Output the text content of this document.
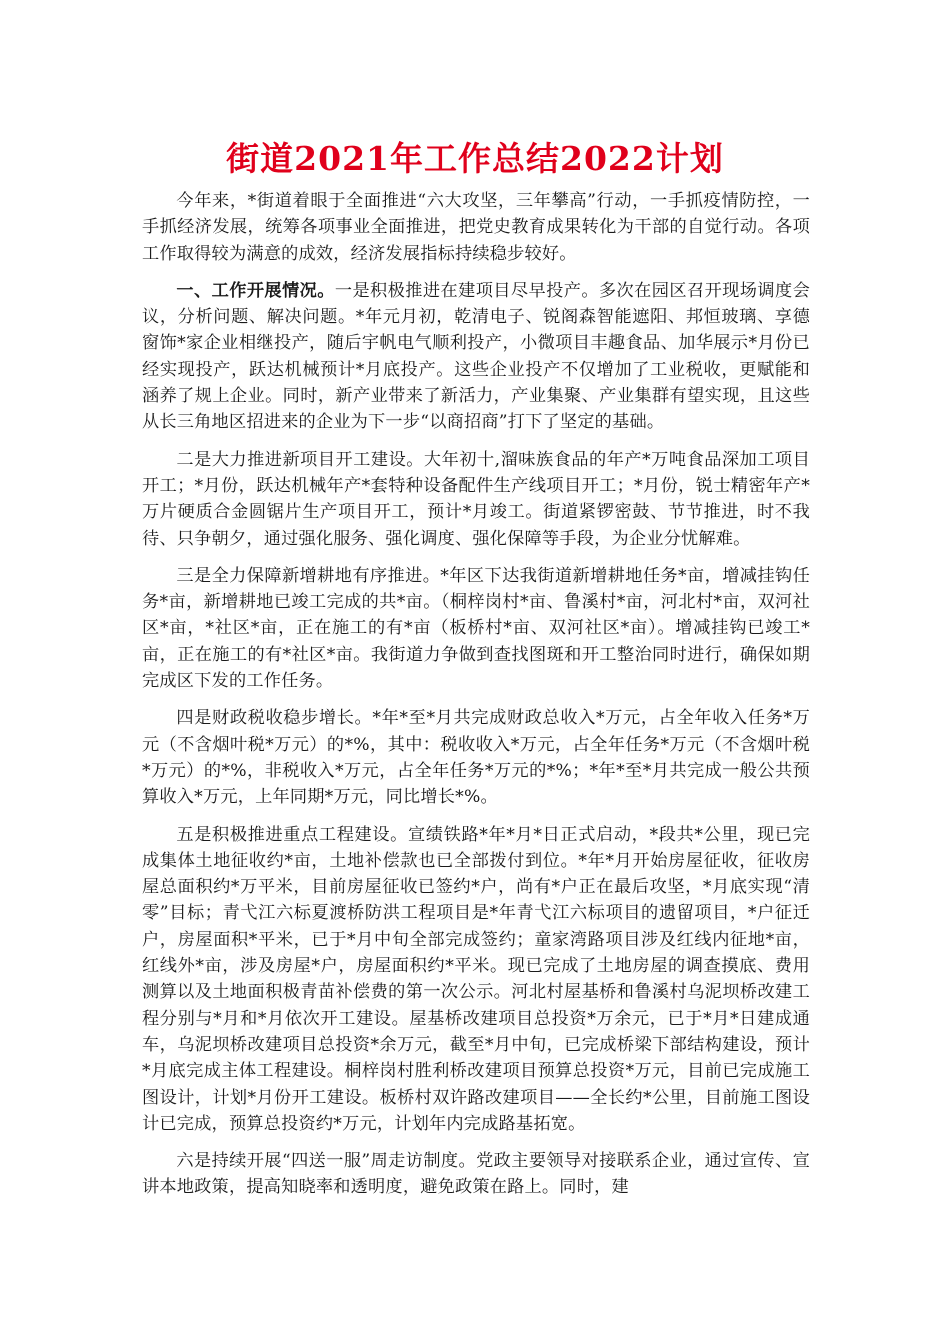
街道2021年工作总结2022计划

今年来，*街道着眼于全面推进“六大攻坚，三年攀高”行动，一手抓疫情防控，一手抓经济发展，统筹各项事业全面推进，把党史教育成果转化为干部的自觉行动。各项工作取得较为满意的成效，经济发展指标持续稳步较好。

一、工作开展情况。一是积极推进在建项目尽早投产。多次在园区召开现场调度会议，分析问题、解决问题。*年元月初，乾清电子、锐阁森智能遮阳、邦恒玻璃、享德窗饰*家企业相继投产，随后宇帆电气顺利投产，小微项目丰趣食品、加华展示*月份已经实现投产，跃达机械预计*月底投产。这些企业投产不仅增加了工业税收，更赋能和涵养了规上企业。同时，新产业带来了新活力，产业集聚、产业集群有望实现，且这些从长三角地区招进来的企业为下一步“以商招商”打下了坚定的基础。

二是大力推进新项目开工建设。大年初十,溜味族食品的年产*万吨食品深加工项目开工；*月份，跃达机械年产*套特种设备配件生产线项目开工；*月份，锐士精密年产*万片硬质合金圆锯片生产项目开工，预计*月竣工。街道紧锣密鼓、节节推进，时不我待、只争朝夕，通过强化服务、强化调度、强化保障等手段，为企业分忧解难。

三是全力保障新增耕地有序推进。*年区下达我街道新增耕地任务*亩，增减挂钩任务*亩，新增耕地已竣工完成的共*亩。（桐梓岗村*亩、鲁溪村*亩，河北村*亩，双河社区*亩，*社区*亩，正在施工的有*亩（板桥村*亩、双河社区*亩）。增减挂钩已竣工*亩，正在施工的有*社区*亩。我街道力争做到查找图斑和开工整治同时进行，确保如期完成区下发的工作任务。

四是财政税收稳步增长。*年*至*月共完成财政总收入*万元，占全年收入任务*万元（不含烟叶税*万元）的*%，其中：税收收入*万元，占全年任务*万元（不含烟叶税*万元）的*%，非税收入*万元，占全年任务*万元的*%；*年*至*月共完成一般公共预算收入*万元，上年同期*万元，同比增长*%。

五是积极推进重点工程建设。宣绩铁路*年*月*日正式启动，*段共*公里，现已完成集体土地征收约*亩，土地补偿款也已全部拨付到位。*年*月开始房屋征收，征收房屋总面积约*万平米，目前房屋征收已签约*户，尚有*户正在最后攻坚，*月底实现“清零”目标；青弋江六标夏渡桥防洪工程项目是*年青弋江六标项目的遗留项目，*户征迁户，房屋面积*平米，已于*月中旬全部完成签约；童家湾路项目涉及红线内征地*亩，红线外*亩，涉及房屋*户，房屋面积约*平米。现已完成了土地房屋的调查摸底、费用测算以及土地面积极青苗补偿费的第一次公示。河北村屋基桥和鲁溪村乌泥坝桥改建工程分别与*月和*月依次开工建设。屋基桥改建项目总投资*万余元，已于*月*日建成通车，乌泥坝桥改建项目总投资*余万元，截至*月中旬，已完成桥梁下部结构建设，预计*月底完成主体工程建设。桐梓岗村胜利桥改建项目预算总投资*万元，目前已完成施工图设计，计划*月份开工建设。板桥村双许路改建项目——全长约*公里，目前施工图设计已完成，预算总投资约*万元，计划年内完成路基拓宽。

六是持续开展“四送一服”周走访制度。党政主要领导对接联系企业，通过宣传、宣讲本地政策，提高知晓率和透明度，避免政策在路上。同时，建
